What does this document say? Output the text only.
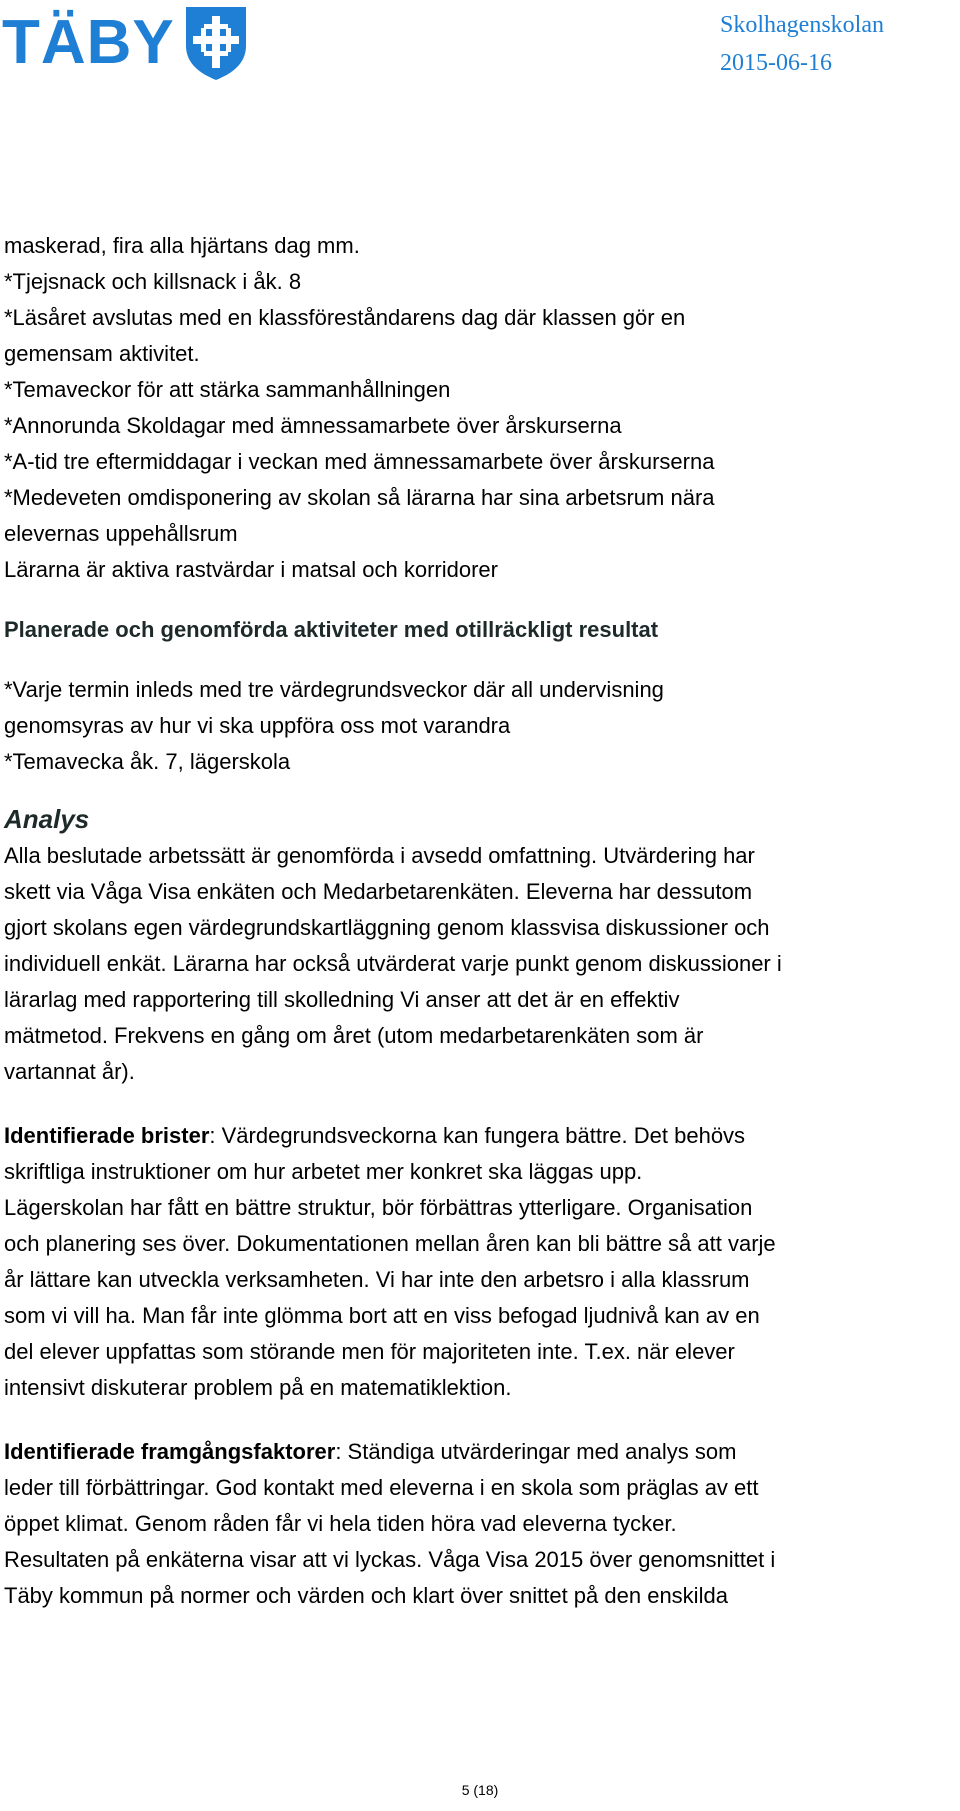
TÄBY	Skolhagenskolan
2015-06-16
maskerad, fira alla hjärtans dag mm.
*Tjejsnack och killsnack i åk. 8
*Läsåret avslutas med en klassföreståndarens dag där klassen gör en
gemensam aktivitet.
*Temaveckor för att stärka sammanhållningen
*Annorunda Skoldagar med ämnessamarbete över årskurserna
*A-tid tre eftermiddagar i veckan med ämnessamarbete över årskurserna
*Medeveten omdisponering av skolan så lärarna har sina arbetsrum nära
elevernas uppehållsrum
Lärarna är aktiva rastvärdar i matsal och korridorer
Planerade och genomförda aktiviteter med otillräckligt resultat
*Varje termin inleds med tre värdegrundsveckor där all undervisning
genomsyras av hur vi ska uppföra oss mot varandra
*Temavecka åk. 7, lägerskola
Analys
Alla beslutade arbetssätt är genomförda i avsedd omfattning. Utvärdering har
skett via Våga Visa enkäten och Medarbetarenkäten. Eleverna har dessutom
gjort skolans egen värdegrundskartläggning genom klassvisa diskussioner och
individuell enkät. Lärarna har också utvärderat varje punkt genom diskussioner i
lärarlag med rapportering till skolledning Vi anser att det är en effektiv
mätmetod. Frekvens en gång om året (utom medarbetarenkäten som är
vartannat år).
Identifierade brister: Värdegrundsveckorna kan fungera bättre. Det behövs
skriftliga instruktioner om hur arbetet mer konkret ska läggas upp.
Lägerskolan har fått en bättre struktur, bör förbättras ytterligare. Organisation
och planering ses över. Dokumentationen mellan åren kan bli bättre så att varje
år lättare kan utveckla verksamheten. Vi har inte den arbetsro i alla klassrum
som vi vill ha. Man får inte glömma bort att en viss befogad ljudnivå kan av en
del elever uppfattas som störande men för majoriteten inte. T.ex. när elever
intensivt diskuterar problem på en matematiklektion.
Identifierade framgångsfaktorer: Ständiga utvärderingar med analys som
leder till förbättringar. God kontakt med eleverna i en skola som präglas av ett
öppet klimat. Genom råden får vi hela tiden höra vad eleverna tycker.
Resultaten på enkäterna visar att vi lyckas. Våga Visa 2015 över genomsnittet i
Täby kommun på normer och värden och klart över snittet på den enskilda
5 (18)
